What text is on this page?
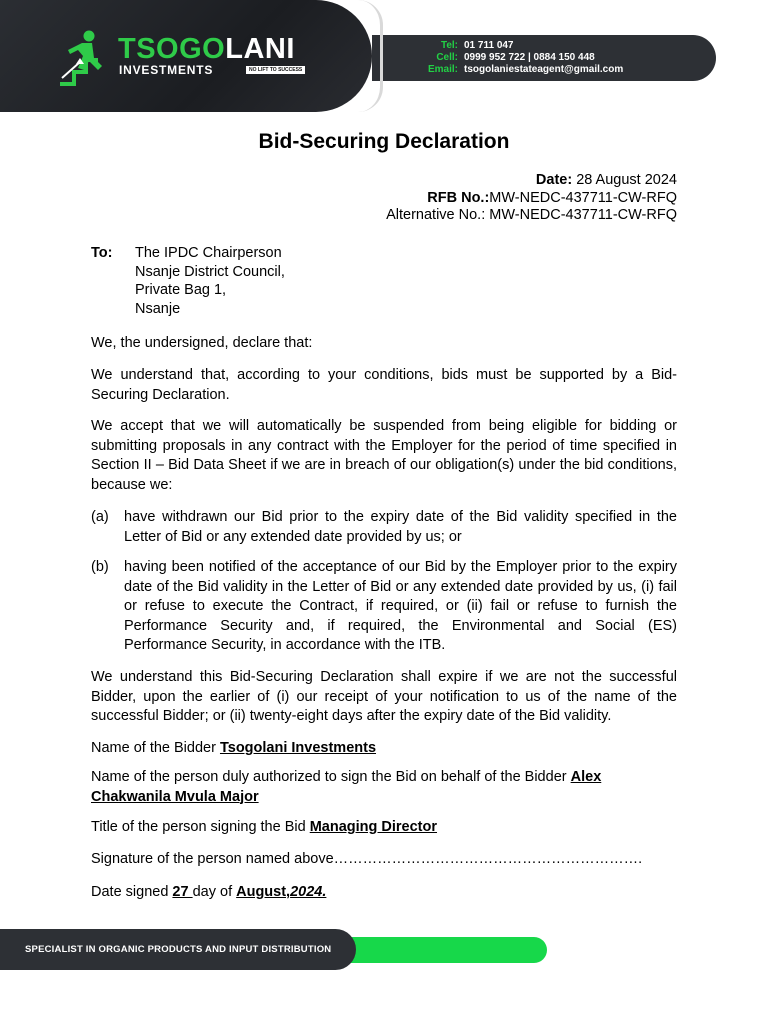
TSOGOLANI
INVESTMENTS	NO LIFT TO SUCCESS
Tel: 01 711 047
Cell: 0999 952 722 | 0884 150 448
Email: tsogolaniestateagent@gmail.com
Bid-Securing Declaration
Date: 28 August 2024
RFB No.:MW-NEDC-437711-CW-RFQ
Alternative No.: MW-NEDC-437711-CW-RFQ
To: The IPDC Chairperson
Nsanje District Council,
Private Bag 1,
Nsanje
We, the undersigned, declare that:
We understand that, according to your conditions, bids must be supported by a Bid-Securing Declaration.
We accept that we will automatically be suspended from being eligible for bidding or submitting proposals in any contract with the Employer for the period of time specified in Section II – Bid Data Sheet if we are in breach of our obligation(s) under the bid conditions, because we:
(a) have withdrawn our Bid prior to the expiry date of the Bid validity specified in the Letter of Bid or any extended date provided by us; or
(b) having been notified of the acceptance of our Bid by the Employer prior to the expiry date of the Bid validity in the Letter of Bid or any extended date provided by us, (i) fail or refuse to execute the Contract, if required, or (ii) fail or refuse to furnish the Performance Security and, if required, the Environmental and Social (ES) Performance Security, in accordance with the ITB.
We understand this Bid-Securing Declaration shall expire if we are not the successful Bidder, upon the earlier of (i) our receipt of your notification to us of the name of the successful Bidder; or (ii) twenty-eight days after the expiry date of the Bid validity.
Name of the Bidder Tsogolani Investments
Name of the person duly authorized to sign the Bid on behalf of the Bidder Alex Chakwanila Mvula Major
Title of the person signing the Bid Managing Director
Signature of the person named above……………………………………………………….
Date signed 27 day of August,2024.
SPECIALIST IN ORGANIC PRODUCTS AND INPUT DISTRIBUTION
